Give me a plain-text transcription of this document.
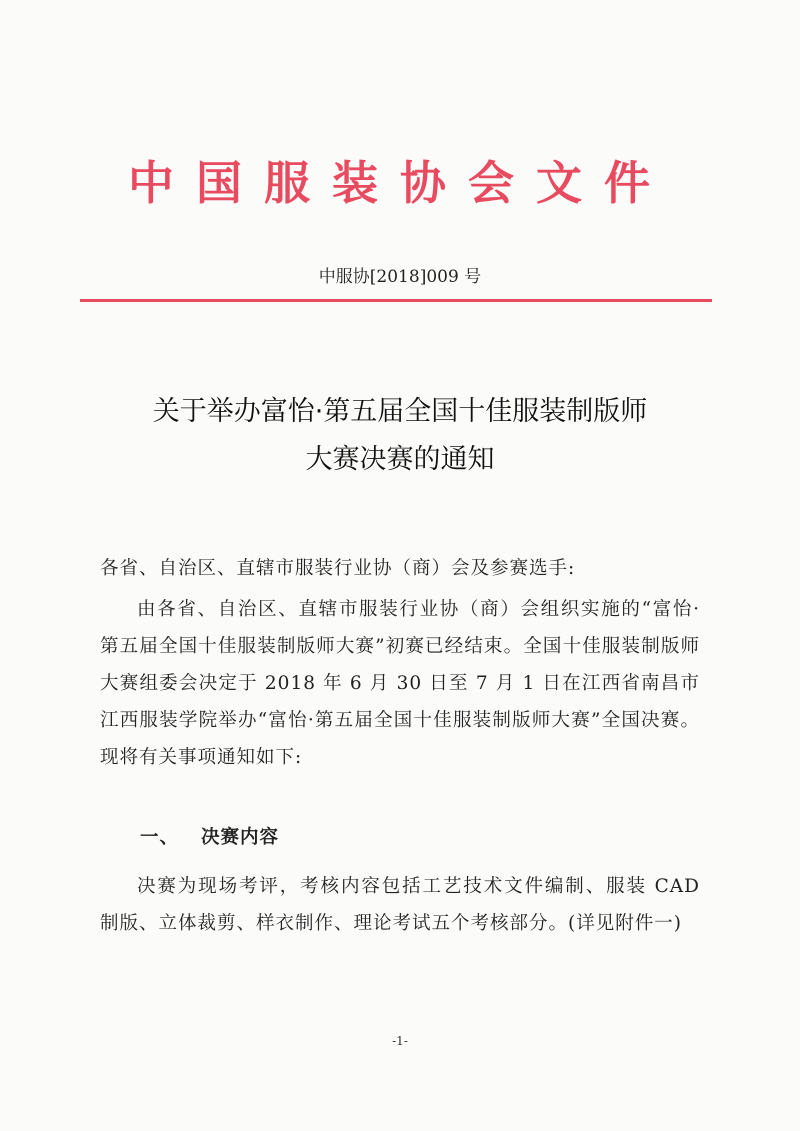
中国服装协会文件
中服协[2018]009 号
关于举办富怡·第五届全国十佳服装制版师
大赛决赛的通知

各省、自治区、直辖市服装行业协（商）会及参赛选手:

由各省、自治区、直辖市服装行业协（商）会组织实施的“富怡·第五届全国十佳服装制版师大赛”初赛已经结束。全国十佳服装制版师大赛组委会决定于 2018 年 6 月 30 日至 7 月 1 日在江西省南昌市江西服装学院举办“富怡·第五届全国十佳服装制版师大赛”全国决赛。现将有关事项通知如下:

一、 决赛内容

决赛为现场考评，考核内容包括工艺技术文件编制、服装 CAD 制版、立体裁剪、样衣制作、理论考试五个考核部分。(详见附件一)

-1-
